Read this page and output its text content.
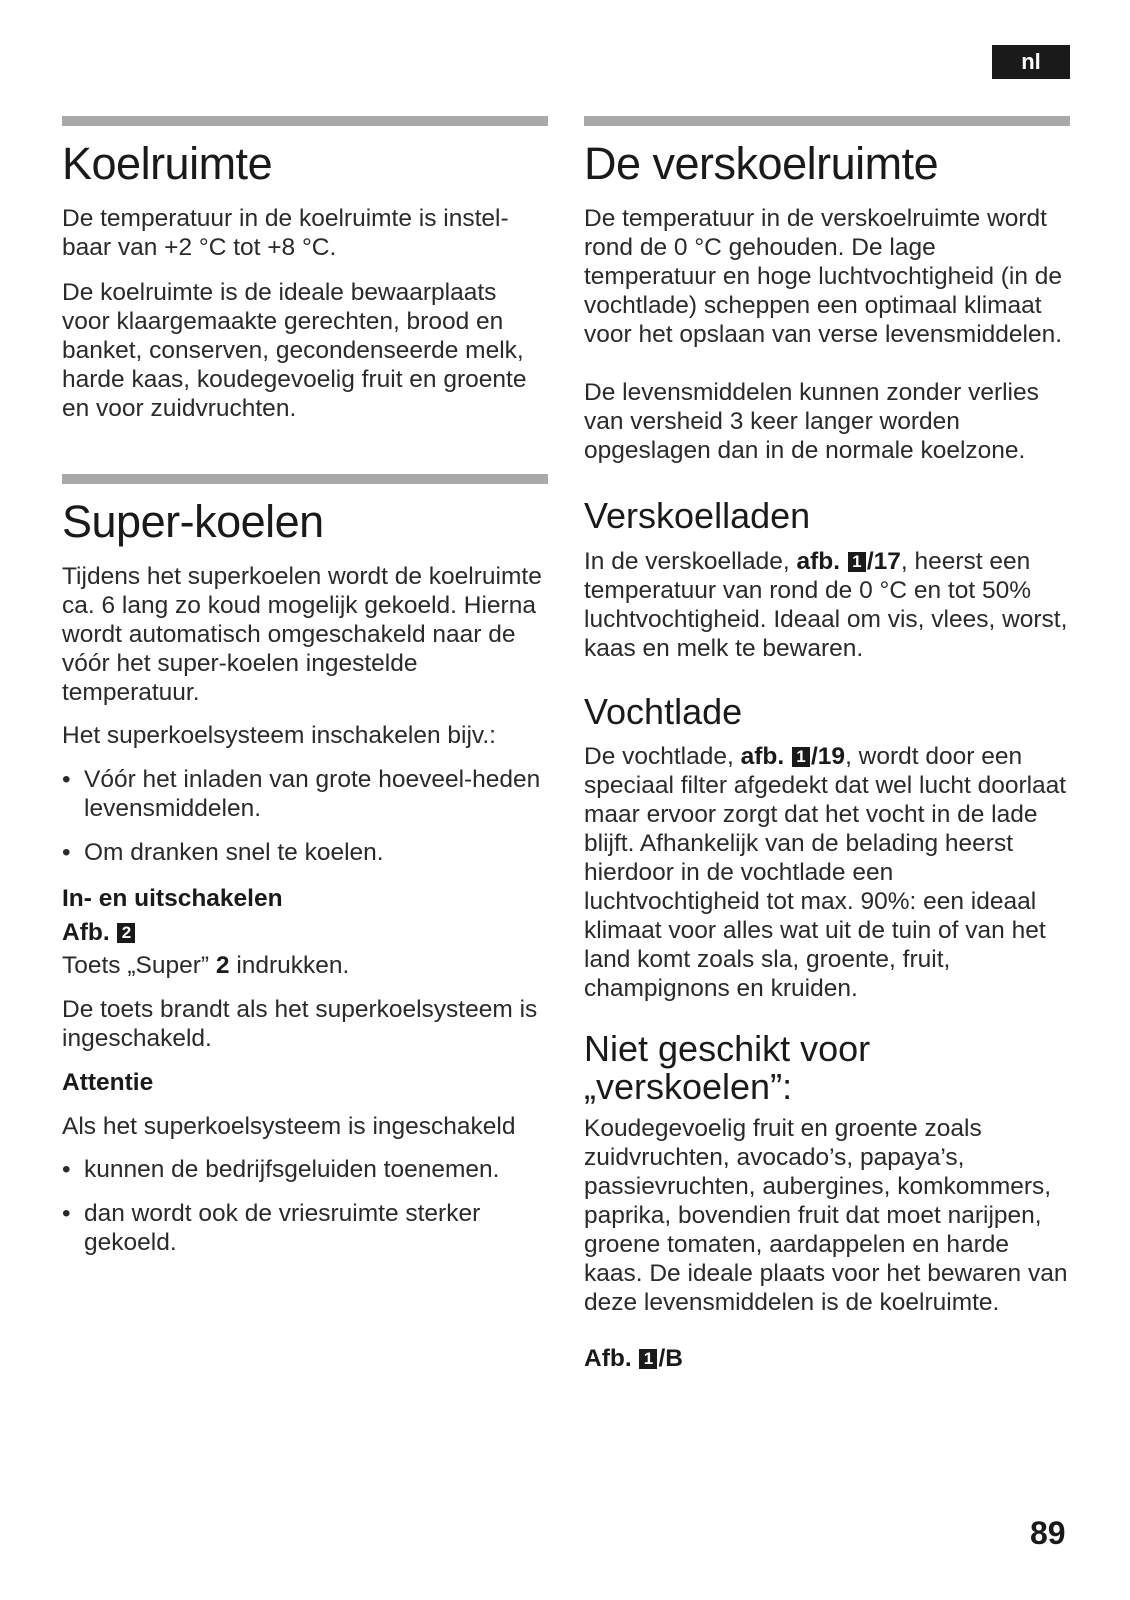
nl
Koelruimte

De temperatuur in de koelruimte is instel-baar van +2 °C tot +8 °C.

De koelruimte is de ideale bewaarplaats voor klaargemaakte gerechten, brood en banket, conserven, gecondenseerde melk, harde kaas, koudegevoelig fruit en groente en voor zuidvruchten.

Super-koelen

Tijdens het superkoelen wordt de koelruimte ca. 6 lang zo koud mogelijk gekoeld. Hierna wordt automatisch omgeschakeld naar de vóór het super-koelen ingestelde temperatuur.

Het superkoelsysteem inschakelen bijv.:

• Vóór het inladen van grote hoeveel-heden levensmiddelen.
• Om dranken snel te koelen.

In- en uitschakelen

Afb. 2

Toets „Super” 2 indrukken.

De toets brandt als het superkoelsysteem is ingeschakeld.

Attentie

Als het superkoelsysteem is ingeschakeld

• kunnen de bedrijfsgeluiden toenemen.
• dan wordt ook de vriesruimte sterker gekoeld.
De verskoelruimte

De temperatuur in de verskoelruimte wordt rond de 0 °C gehouden. De lage temperatuur en hoge luchtvochtigheid (in de vochtlade) scheppen een optimaal klimaat voor het opslaan van verse levensmiddelen.

De levensmiddelen kunnen zonder verlies van versheid 3 keer langer worden opgeslagen dan in de normale koelzone.

Verskoelladen

In de verskoellade, afb. 1 /17, heerst een temperatuur van rond de 0 °C en tot 50% luchtvochtigheid. Ideaal om vis, vlees, worst, kaas en melk te bewaren.

Vochtlade

De vochtlade, afb. 1 /19, wordt door een speciaal filter afgedekt dat wel lucht doorlaat maar ervoor zorgt dat het vocht in de lade blijft. Afhankelijk van de belading heerst hierdoor in de vochtlade een luchtvochtigheid tot max. 90%: een ideaal klimaat voor alles wat uit de tuin of van het land komt zoals sla, groente, fruit, champignons en kruiden.

Niet geschikt voor
„verskoelen”:

Koudegevoelig fruit en groente zoals zuidvruchten, avocado’s, papaya’s, passievruchten, aubergines, komkommers, paprika, bovendien fruit dat moet narijpen, groene tomaten, aardappelen en harde kaas. De ideale plaats voor het bewaren van deze levensmiddelen is de koelruimte.

Afb. 1 /B

89
